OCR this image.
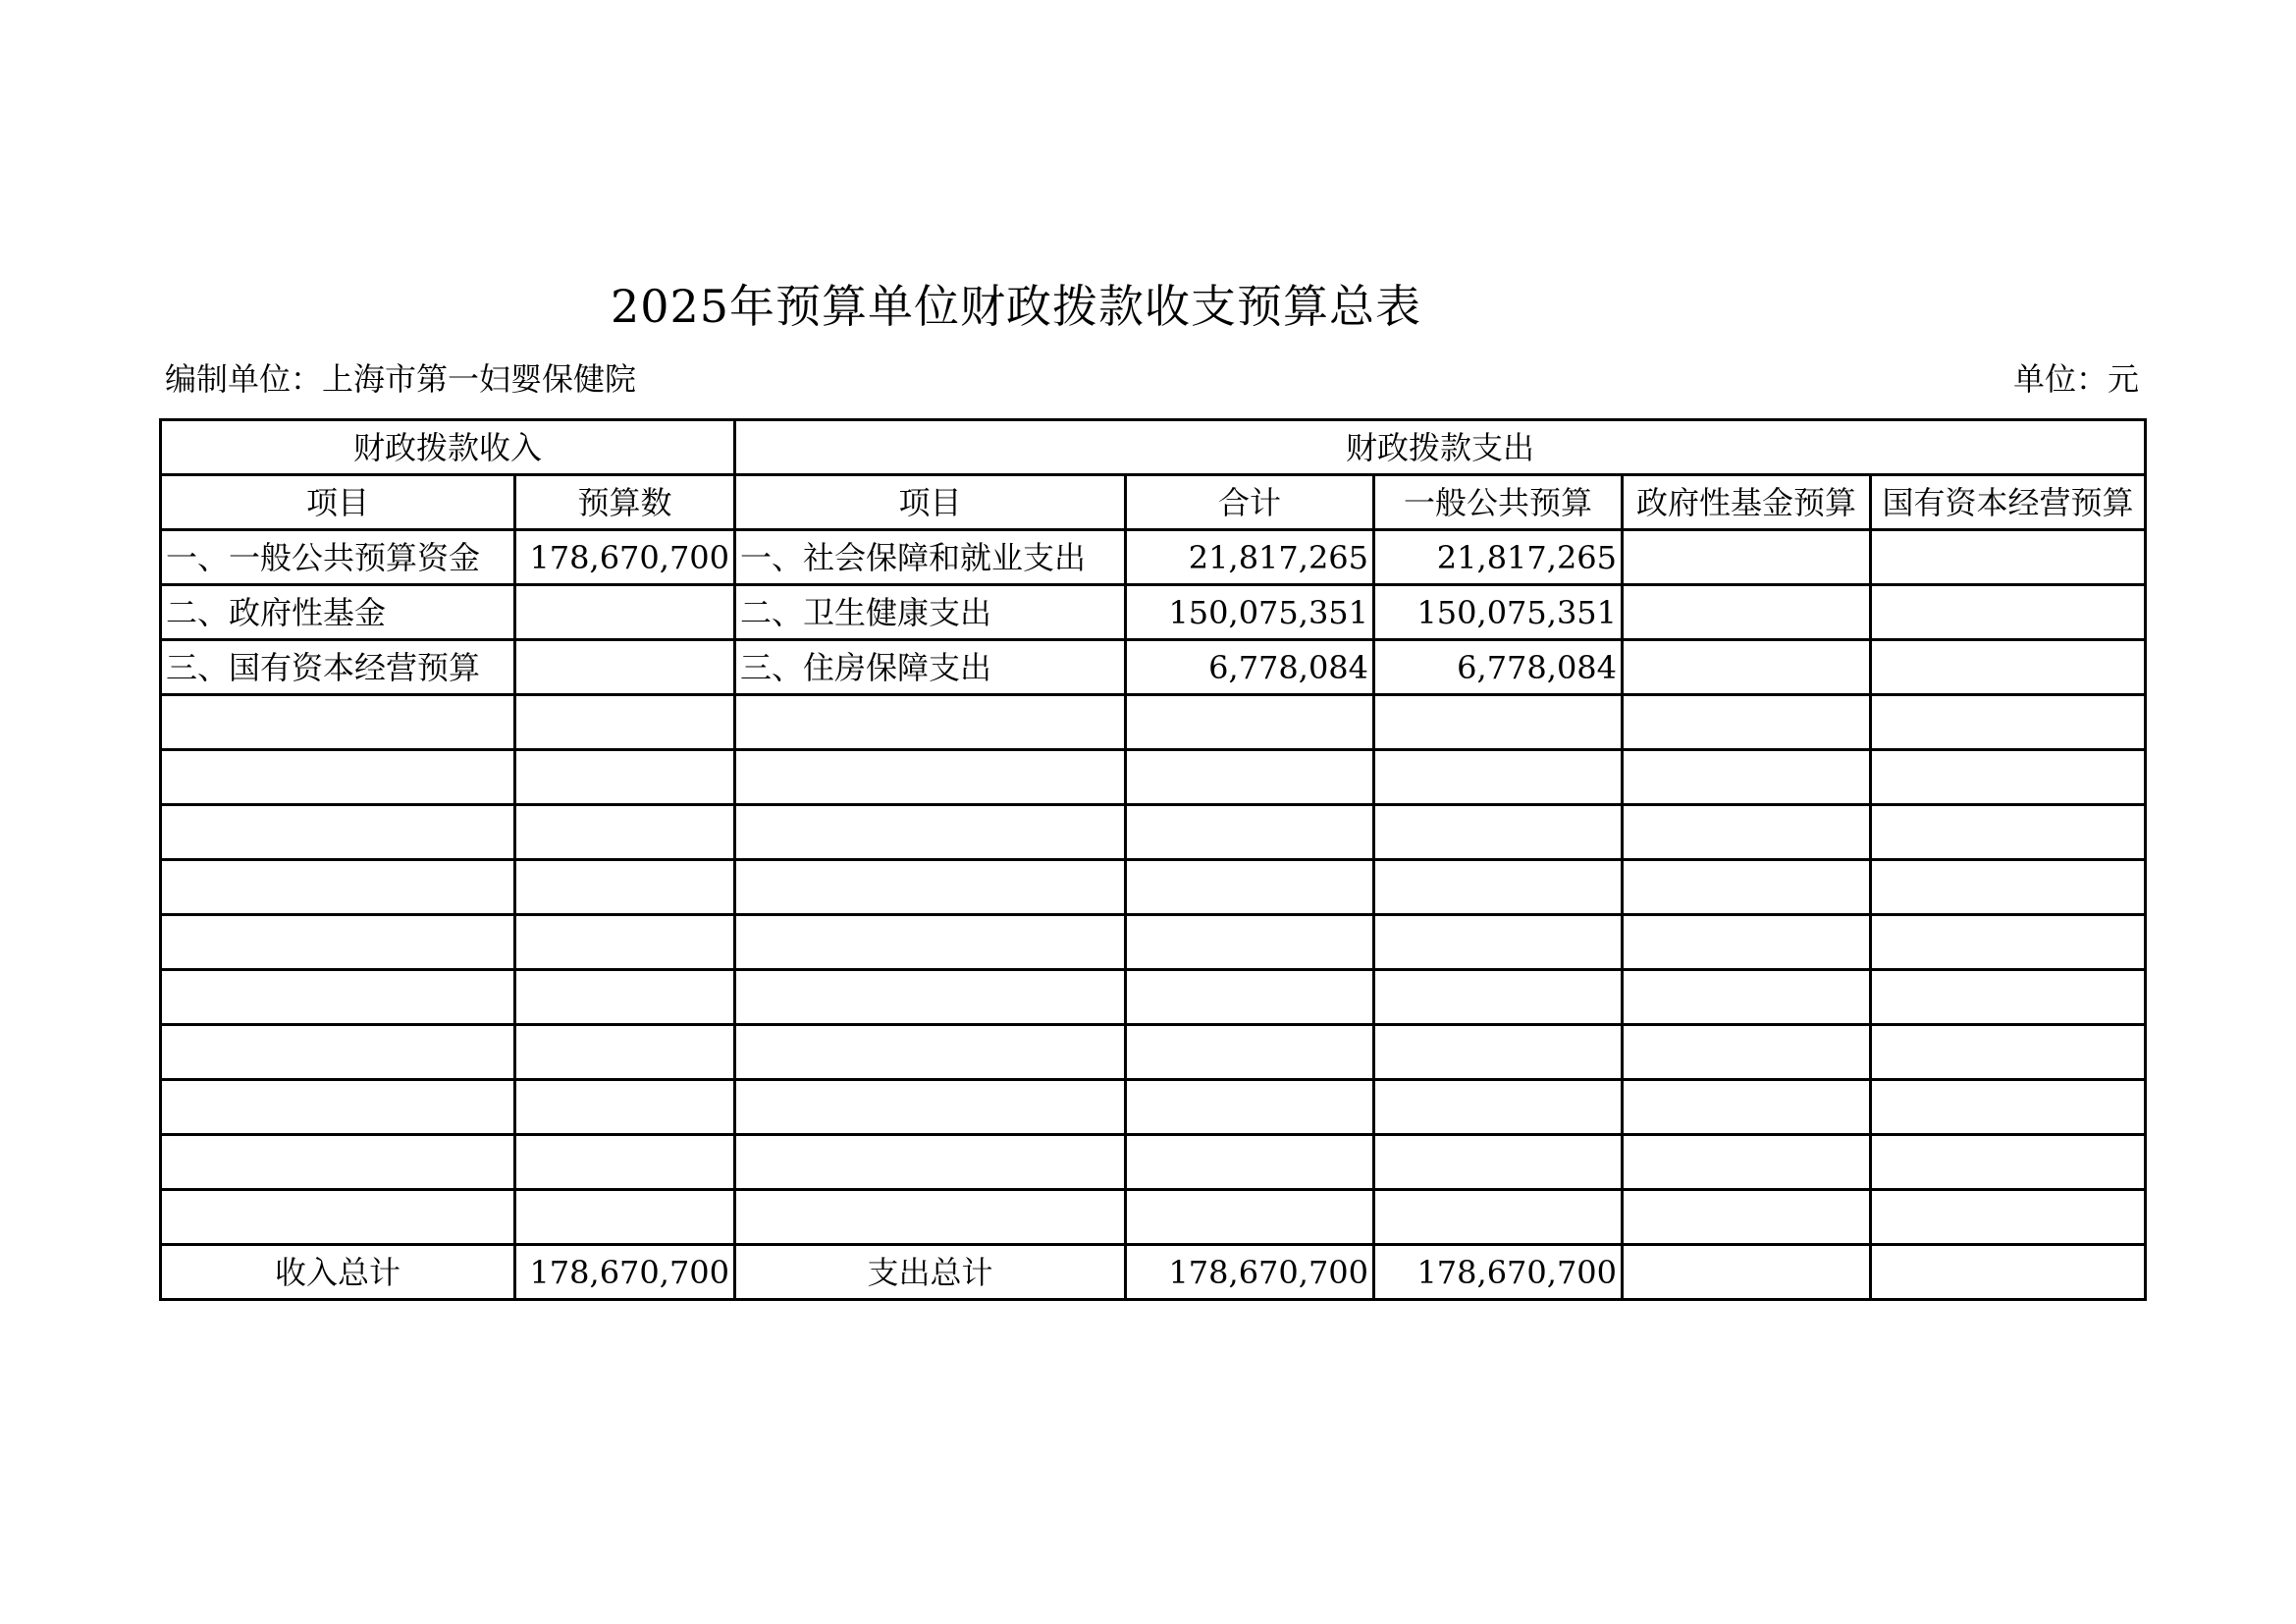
2025年预算单位财政拨款收支预算总表
编制单位：上海市第一妇婴保健院	单位：元
财政拨款收入		财政拨款支出				
项目	预算数	项目	合计	一般公共预算	政府性基金预算	国有资本经营预算
一、一般公共预算资金	178,670,700	一、社会保障和就业支出	21,817,265	21,817,265		
二、政府性基金		二、卫生健康支出	150,075,351	150,075,351		
三、国有资本经营预算		三、住房保障支出	6,778,084	6,778,084		

收入总计	178,670,700	支出总计	178,670,700	178,670,700		
